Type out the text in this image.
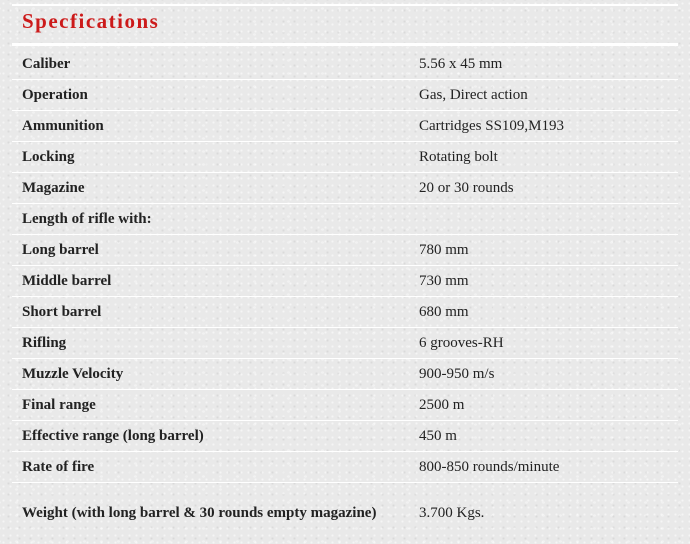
Specfications
Caliber	5.56 x 45 mm
Operation	Gas, Direct action
Ammunition	Cartridges SS109,M193
Locking	Rotating bolt
Magazine	20 or 30 rounds
Length of rifle with:	
Long barrel	780 mm
Middle barrel	730 mm
Short barrel	680 mm
Rifling	6 grooves-RH
Muzzle Velocity	900-950 m/s
Final range	2500 m
Effective range (long barrel)	450 m
Rate of fire	800-850 rounds/minute
Weight (with long barrel & 30 rounds empty magazine)	3.700 Kgs.
